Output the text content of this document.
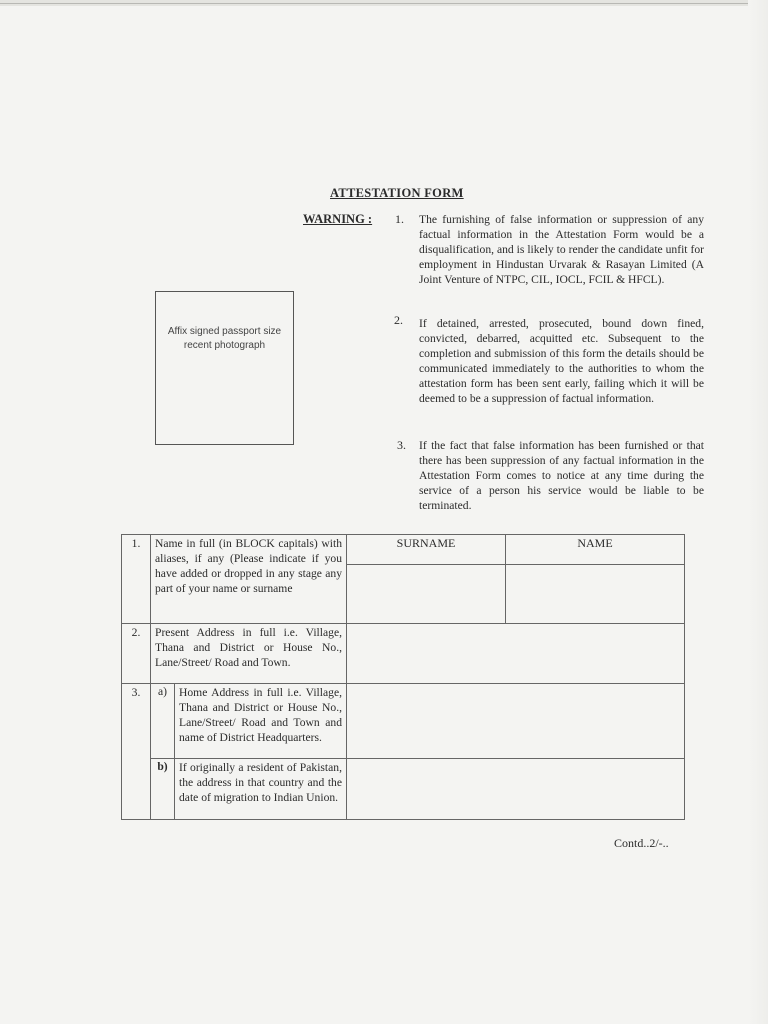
ATTESTATION FORM
WARNING : 1. The furnishing of false information or suppression of any factual information in the Attestation Form would be a disqualification, and is likely to render the candidate unfit for employment in Hindustan Urvarak & Rasayan Limited (A Joint Venture of NTPC, CIL, IOCL, FCIL & HFCL).
2. If detained, arrested, prosecuted, bound down fined, convicted, debarred, acquitted etc. Subsequent to the completion and submission of this form the details should be communicated immediately to the authorities to whom the attestation form has been sent early, failing which it will be deemed to be a suppression of factual information.
3. If the fact that false information has been furnished or that there has been suppression of any factual information in the Attestation Form comes to notice at any time during the service of a person his service would be liable to be terminated.
Affix signed passport size recent photograph
1.	Name in full (in BLOCK capitals) with aliases, if any (Please indicate if you have added or dropped in any stage any part of your name or surname		SURNAME	NAME

2.	Present Address in full i.e. Village, Thana and District or House No., Lane/Street/ Road and Town.			
3.	a)	Home Address in full i.e. Village, Thana and District or House No., Lane/Street/ Road and Town and name of District Headquarters.		
	b)	If originally a resident of Pakistan, the address in that country and the date of migration to Indian Union.		
Contd..2/-..
